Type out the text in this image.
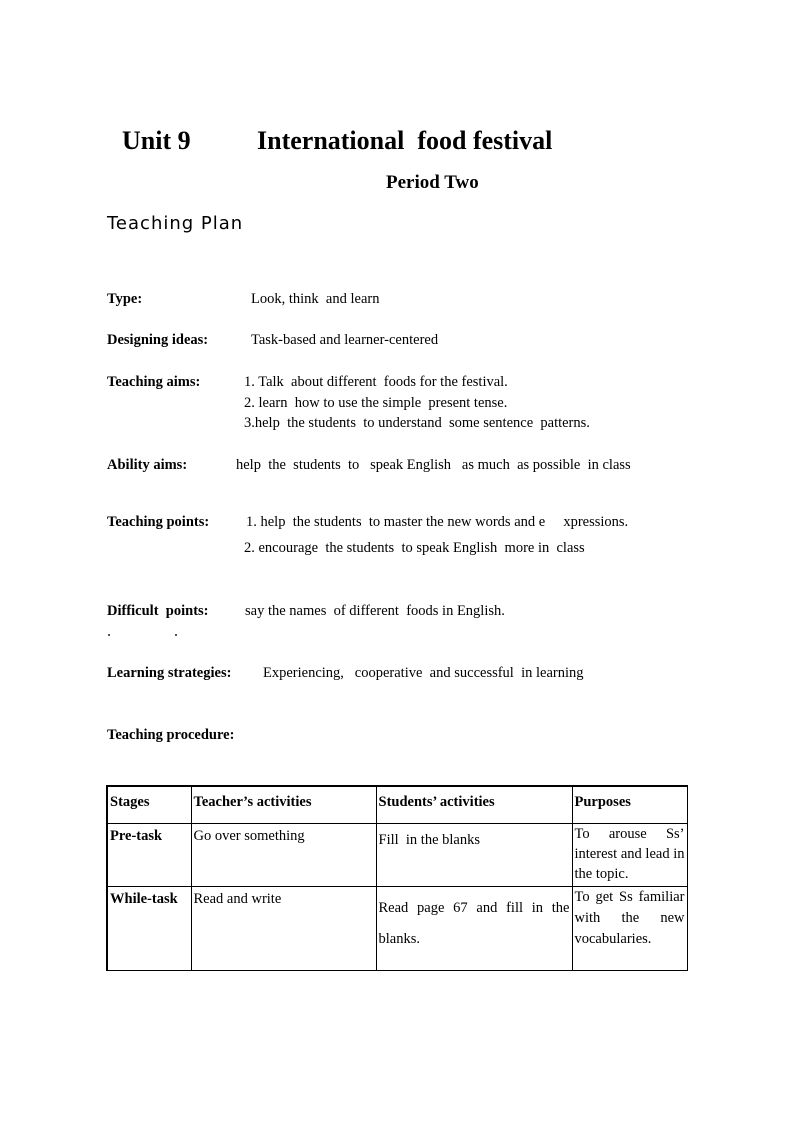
Unit 9	International  food festival
Period Two
Teaching Plan
Type:	Look, think  and learn
Designing ideas:	Task-based and learner-centered
Teaching aims:	1. Talk  about different  foods for the festival.
2. learn  how to use the simple  present tense.
3.help  the students  to understand  some sentence  patterns.
Ability aims:	help  the  students  to   speak English   as much  as possible  in class
Teaching points:	1. help  the students  to master the new words and e     xpressions.
2. encourage  the students  to speak English  more in  class
Difficult  points:	say the names  of different  foods in English.
Learning strategies: Experiencing,   cooperative  and successful  in learning
Teaching procedure:
Stages	Teacher’s activities	Students’ activities	Purposes
Pre-task	Go over something	Fill  in the blanks	To arouse Ss’ interest and lead in the topic.
While-task	Read and write	Read page 67 and fill in the blanks.	To get Ss familiar with the new vocabularies.
